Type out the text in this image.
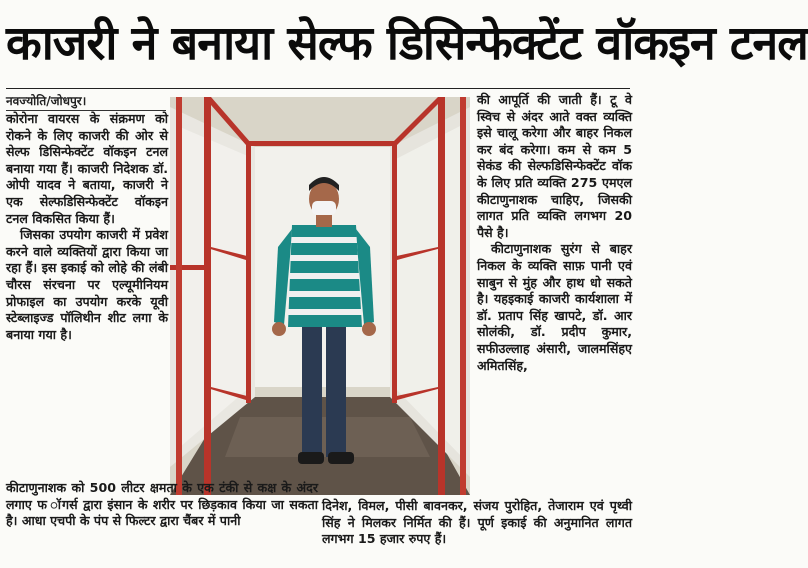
काजरी ने बनाया सेल्फ डिसिन्फेक्टेंट वॉकइन टनल
नवज्योति/जोधपुर।

कोरोना वायरस के संक्रमण को रोकने के लिए काजरी की ओर से सेल्फ डिसिन्फेक्टेंट वॉकइन टनल बनाया गया हैं। काजरी निदेशक डॉ. ओपी यादव ने बताया, काजरी ने एक सेल्फडिसिन्फेक्टेंट वॉकइन टनल विकसित किया हैं।

जिसका उपयोग काजरी में प्रवेश करने वाले व्यक्तियों द्वारा किया जा रहा हैं। इस इकाई को लोहे की लंबी चौरस संरचना पर एल्यूमीनियम प्रोफाइल का उपयोग करके यूवी स्टेब्लाइज्ड पॉलिथीन शीट लगा के बनाया गया है।

की आपूर्ति की जाती हैं। टू वे स्विच से अंदर आते वक्त व्यक्ति इसे चालू करेगा और बाहर निकल कर बंद करेगा। कम से कम 5 सेकंड की सेल्फडिसिन्फेक्टेंट वॉक के लिए प्रति व्यक्ति 275 एमएल कीटाणुनाशक चाहिए, जिसकी लागत प्रति व्यक्ति लगभग 20 पैसे है।

कीटाणुनाशक सुरंग से बाहर निकल के व्यक्ति साफ़ पानी एवं साबुन से मुंह और हाथ धो सकते है। यहइकाई काजरी कार्यशाला में डॉ. प्रताप सिंह खापटे, डॉ. आर सोलंकी, डॉ. प्रदीप कुमार, सफीउल्लाह अंसारी, जालमसिंहए अमितसिंह,

कीटाणुनाशक को 500 लीटर क्षमता के एक टंकी से कक्ष के अंदर लगाए फ ॉगर्स द्वारा इंसान के शरीर पर छिड़काव किया जा सकता है। आधा एचपी के पंप से फिल्टर द्वारा चैंबर में पानी
दिनेश, विमल, पीसी बावनकर, संजय पुरोहित, तेजाराम एवं पृथ्वी सिंह ने मिलकर निर्मित की हैं। पूर्ण इकाई की अनुमानित लागत लगभग 15 हजार रुपए हैं।
